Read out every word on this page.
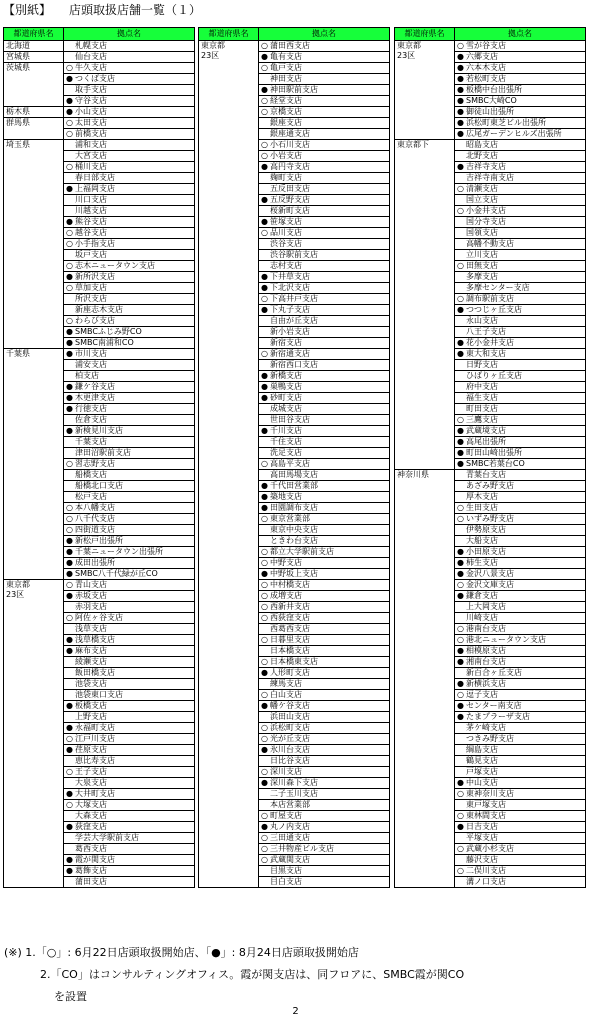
【別紙】　　店頭取扱店舗一覧（１）
都道府県名	拠点名
北海道	札幌支店
宮城県	仙台支店
茨城県	○ 牛久支店
● つくば支店
取手支店
● 守谷支店
栃木県	● 小山支店
群馬県	○ 太田支店
○ 前橋支店
埼玉県	浦和支店
大宮支店
○ 桶川支店
春日部支店
● 上福岡支店
川口支店
川越支店
● 熊谷支店
○ 越谷支店
○ 小手指支店
坂戸支店
○ 志木ニュータウン支店
● 新所沢支店
○ 草加支店
所沢支店
新座志木支店
○ わらび支店
● SMBCふじみ野CO
● SMBC南浦和CO
千葉県	● 市川支店
浦安支店
柏支店
● 鎌ケ谷支店
● 木更津支店
● 行徳支店
佐倉支店
● 新検見川支店
千葉支店
津田沼駅前支店
○ 習志野支店
船橋支店
船橋北口支店
松戸支店
○ 本八幡支店
○ 八千代支店
○ 四街道支店
● 新松戸出張所
● 千葉ニュータウン出張所
● 成田出張所
● SMBC八千代緑が丘CO
東京都
23区
○ 青山支店
● 赤坂支店
赤羽支店
○ 阿佐ヶ谷支店
浅草支店
● 浅草橋支店
● 麻布支店
綾瀬支店
飯田橋支店
池袋支店
池袋東口支店
● 板橋支店
上野支店
● 永福町支店
○ 江戸川支店
● 荏原支店
恵比寿支店
○ 王子支店
大泉支店
● 大井町支店
○ 大塚支店
大森支店
● 荻窪支店
学芸大学駅前支店
葛西支店
● 霞が関支店
● 葛飾支店
蒲田支店
都道府県名	拠点名
東京都
23区
○ 蒲田西支店
● 亀有支店
○ 亀戸支店
神田支店
● 神田駅前支店
○ 経堂支店
○ 京橋支店
銀座支店
銀座通支店
○ 小石川支店
○ 小岩支店
● 高円寺支店
麹町支店
五反田支店
● 五反野支店
桜新町支店
● 笹塚支店
○ 品川支店
渋谷支店
渋谷駅前支店
志村支店
● 下井草支店
● 下北沢支店
○ 下高井戸支店
● 下丸子支店
自由が丘支店
新小岩支店
新宿支店
○ 新宿通支店
新宿西口支店
● 新橋支店
● 巣鴨支店
● 砂町支店
成城支店
世田谷支店
● 千川支店
千住支店
洗足支店
○ 高島平支店
高田馬場支店
● 千代田営業部
● 築地支店
● 田園調布支店
○ 東京営業部
東京中央支店
ときわ台支店
○ 都立大学駅前支店
○ 中野支店
● 中野坂上支店
○ 中村橋支店
○ 成増支店
○ 西新井支店
○ 西荻窪支店
西葛西支店
○ 日暮里支店
日本橋支店
○ 日本橋東支店
● 人形町支店
練馬支店
○ 白山支店
● 幡ケ谷支店
浜田山支店
○ 浜松町支店
○ 光が丘支店
● 氷川台支店
日比谷支店
○ 深川支店
● 深川森下支店
二子玉川支店
本店営業部
○ 町屋支店
● 丸ノ内支店
○ 三田通支店
○ 三井物産ビル支店
○ 武蔵関支店
目黒支店
目白支店
都道府県名	拠点名
東京都
23区
○ 雪が谷支店
● 六郷支店
● 六本木支店
● 若松町支店
● 板橋中台出張所
● SMBC大崎CO
● 御徒山出張所
● 浜松町東芝ビル出張所
● 広尾ガーデンヒルズ出張所
東京都下	昭島支店
北野支店
● 吉祥寺支店
吉祥寺南支店
○ 清瀬支店
国立支店
○ 小金井支店
国分寺支店
国領支店
高幡不動支店
立川支店
○ 田無支店
多摩支店
多摩センター支店
○ 調布駅前支店
● つつじヶ丘支店
永山支店
八王子支店
● 花小金井支店
● 東大和支店
日野支店
ひばりヶ丘支店
府中支店
福生支店
町田支店
○ 三鷹支店
● 武蔵境支店
● 高尾出張所
● 町田山崎出張所
● SMBC若葉台CO
神奈川県	青葉台支店
あざみ野支店
厚木支店
○ 生田支店
○ いずみ野支店
伊勢原支店
大船支店
● 小田原支店
● 柿生支店
● 金沢八景支店
○ 金沢文庫支店
● 鎌倉支店
上大岡支店
川崎支店
○ 港南台支店
○ 港北ニュータウン支店
● 相模原支店
● 湘南台支店
新百合ヶ丘支店
● 新横浜支店
○ 逗子支店
● センター南支店
● たまプラーザ支店
茅ケ崎支店
つきみ野支店
綱島支店
鶴見支店
戸塚支店
● 中山支店
○ 東神奈川支店
東戸塚支店
○ 東林間支店
● 日吉支店
平塚支店
○ 武蔵小杉支店
藤沢支店
○ 二俣川支店
溝ノ口支店
(※) 1.「○」: 6月22日店頭取扱開始店、「●」: 8月24日店頭取扱開始店
2.「CO」はコンサルティングオフィス。霞が関支店は、同フロアに、SMBC霞が関CO
を設置
2
